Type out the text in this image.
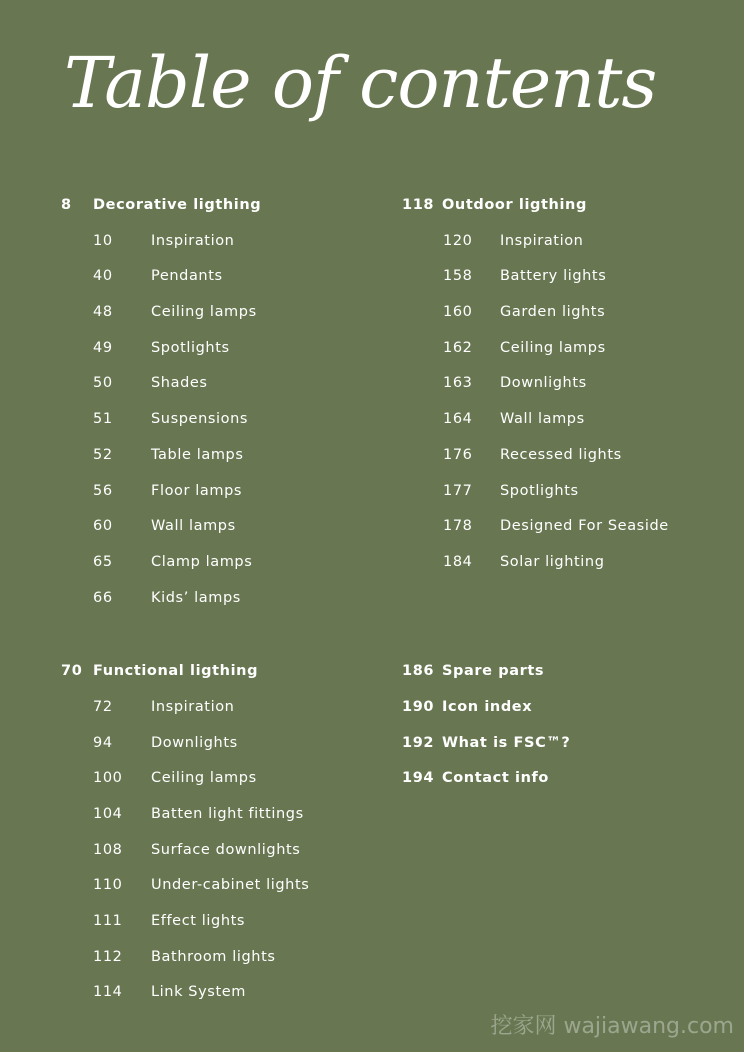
Table of contents
8 Decorative ligthing
10	Inspiration
40	Pendants
48	Ceiling lamps
49	Spotlights
50	Shades
51	Suspensions
52	Table lamps
56	Floor lamps
60	Wall lamps
65	Clamp lamps
66	Kids’ lamps
70 Functional ligthing
72	Inspiration
94	Downlights
100 Ceiling lamps
104 Batten light fittings
108 Surface downlights
110 Under-cabinet lights
111 Effect lights
112 Bathroom lights
114 Link System
118 Outdoor ligthing
120 Inspiration
158 Battery lights
160 Garden lights
162 Ceiling lamps
163 Downlights
164 Wall lamps
176 Recessed lights
177 Spotlights
178 Designed For Seaside
184 Solar lighting
186 Spare parts
190 Icon index
192 What is FSC™?
194 Contact info
挖家网 wajiawang.com
